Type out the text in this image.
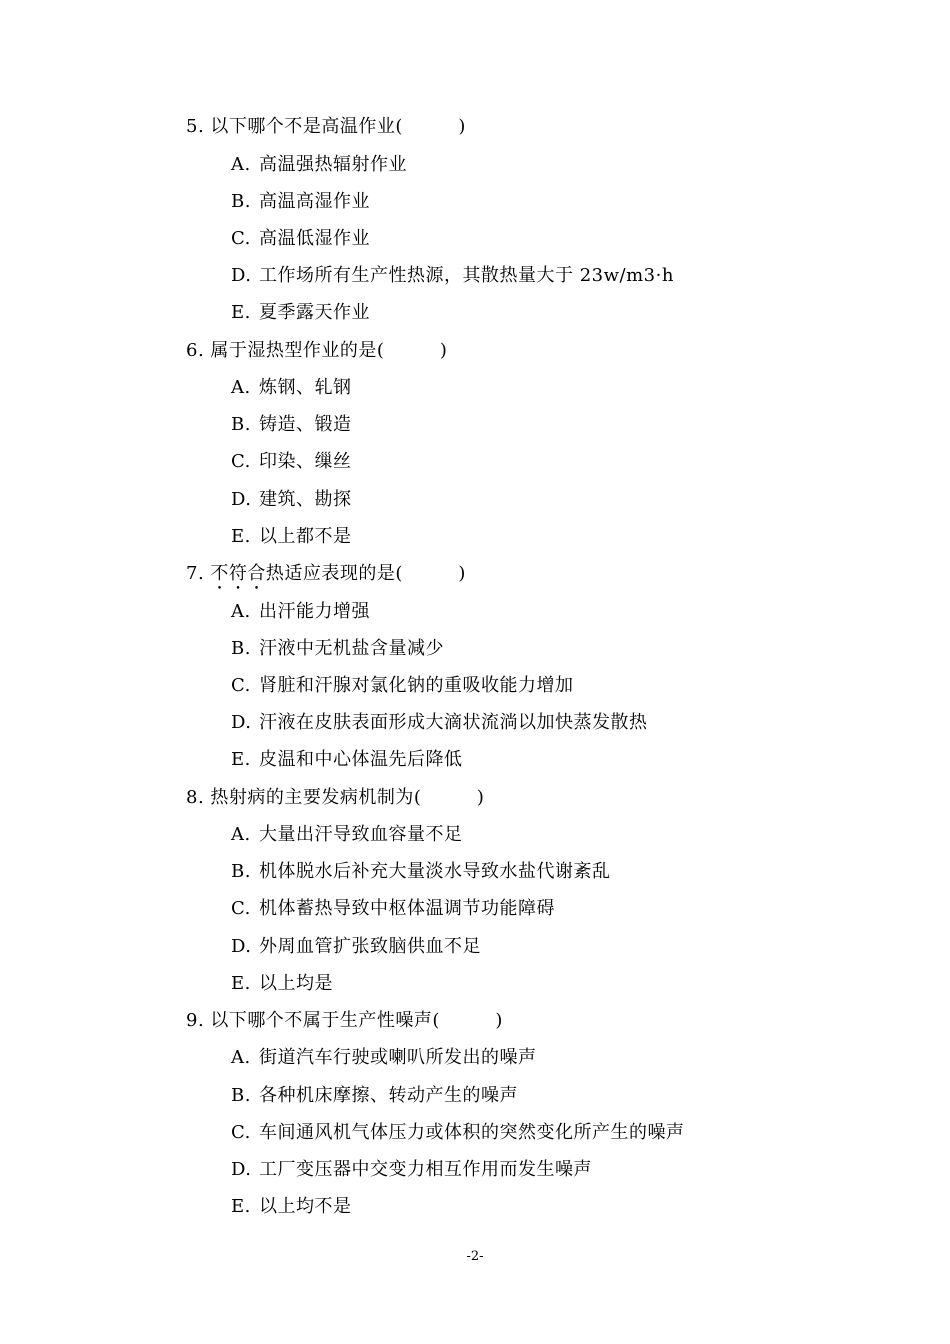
5. 以下哪个不是高温作业(　　　)
A. 高温强热辐射作业
B. 高温高湿作业
C. 高温低湿作业
D. 工作场所有生产性热源，其散热量大于 23w/m3·h
E. 夏季露天作业
6. 属于湿热型作业的是(　　　)
A. 炼钢、轧钢
B. 铸造、锻造
C. 印染、缫丝
D. 建筑、勘探
E. 以上都不是
7. 不符合热适应表现的是(　　　)
A. 出汗能力增强
B. 汗液中无机盐含量减少
C. 肾脏和汗腺对氯化钠的重吸收能力增加
D. 汗液在皮肤表面形成大滴状流淌以加快蒸发散热
E. 皮温和中心体温先后降低
8. 热射病的主要发病机制为(　　　)
A. 大量出汗导致血容量不足
B. 机体脱水后补充大量淡水导致水盐代谢紊乱
C. 机体蓄热导致中枢体温调节功能障碍
D. 外周血管扩张致脑供血不足
E. 以上均是
9. 以下哪个不属于生产性噪声(　　　)
A. 街道汽车行驶或喇叭所发出的噪声
B. 各种机床摩擦、转动产生的噪声
C. 车间通风机气体压力或体积的突然变化所产生的噪声
D. 工厂变压器中交变力相互作用而发生噪声
E. 以上均不是
-2-
